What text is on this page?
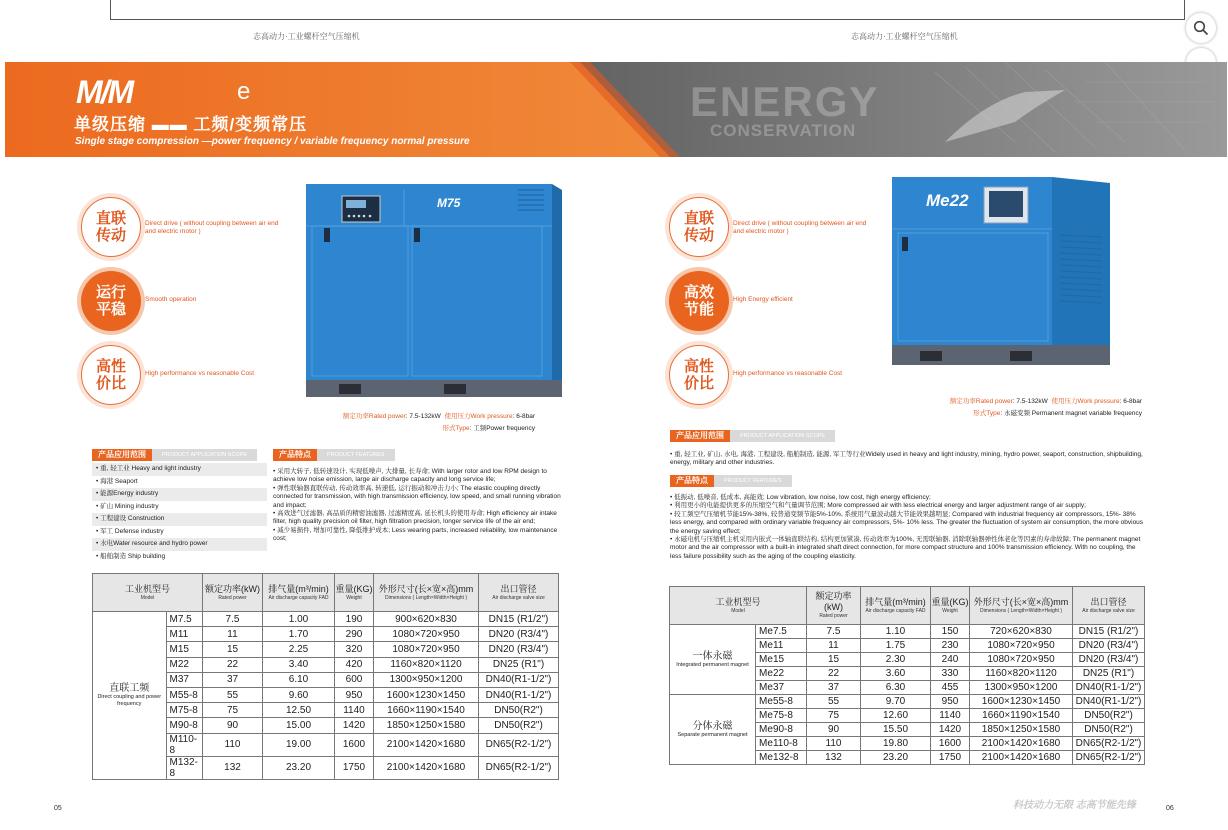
志高动力·工业螺杆空气压缩机	志高动力·工业螺杆空气压缩机
M/M	e
单级压缩 ▬▬ 工频/变频常压
Single stage compression —power frequency / variable frequency normal pressure
ENERGY
CONSERVATION
直联
传动
Direct drive ( without coupling between air end and electric motor )
运行
平稳
Smooth operation
高性
价比
High performance vs reasonable Cost
M75
额定功率Rated power: 7.5-132kW 使用压力Work pressure: 6-8bar
形式Type: 工频Power frequency
产品应用范围	PRODUCT APPLICATION SCOPE
• 重, 轻工业 Heavy and light industry
• 海港 Seaport
• 能源Energy industry
• 矿山 Mining industry
• 工程建设 Construction
• 军工 Defense industry
• 水电Water resource and hydro power
• 船舶制造 Ship building
产品特点	PRODUCT FEATURES
• 采用大转子, 低转速设计, 实现低噪声, 大排量, 长寿命; With larger rotor and low RPM design to achieve low noise emission, large air discharge capacity and long service life;
• 弹性联轴器直联传动, 传动效率高, 转速低, 运行振动和冲击力小; The elastic coupling directly connected for transmission, with high transmission efficiency, low speed, and small running vibration and impact;
• 高效进气过滤器, 高品质的精密油滤器, 过滤精度高, 延长机头的使用寿命; High efficiency air intake filter, high quality precision oil filter, high filtration precision, longer service life of the air end;
• 减少易损件, 增加可靠性, 降低维护成本; Less wearing parts, increased reliability, low maintenance cost;
工业机型号
Model		额定功率(kW)
Rated power	排气量(m³/min)
Air discharge capacity FAD	重量(KG)
Weight	外形尺寸(长×宽×高)mm
Dimensions ( Length×Width×Height )	出口管径
Air discharge valve size

直联工频
Direct coupling and power frequency	M7.5	7.5	1.00	190	900×620×830	DN15 (R1/2")
	M11	11	1.70	290	1080×720×950	DN20 (R3/4")
	M15	15	2.25	320	1080×720×950	DN20 (R3/4")
	M22	22	3.40	420	1160×820×1120	DN25 (R1")
	M37	37	6.10	600	1300×950×1200	DN40(R1-1/2")
	M55-8	55	9.60	950	1600×1230×1450	DN40(R1-1/2")
	M75-8	75	12.50	1140	1660×1190×1540	DN50(R2")
	M90-8	90	15.00	1420	1850×1250×1580	DN50(R2")
	M110-8	110	19.00	1600	2100×1420×1680	DN65(R2-1/2")
	M132-8	132	23.20	1750	2100×1420×1680	DN65(R2-1/2")
05
直联
传动
Direct drive ( without coupling between air end and electric motor )
高效
节能
High Energy efficient
高性
价比
High performance vs reasonable Cost
Me22
额定功率Rated power: 7.5-132kW 使用压力Work pressure: 6-8bar
形式Type: 永磁变频 Permanent magnet variable frequency
产品应用范围	PRODUCT APPLICATION SCOPE
• 重, 轻工业, 矿山, 水电, 海港, 工程建设, 船舶制造, 能源, 军工等行业Widely used in heavy and light industry, mining, hydro power, seaport, construction, shipbuilding, energy, military and other industries.
产品特点	PRODUCT FEATURES
• 低振动, 低噪音, 低成本, 高能效; Low vibration, low noise, low cost, high energy efficiency;
• 利用更小的电能提供更多的压缩空气和气量调节范围; More compressed air with less electrical energy and larger adjustment range of air supply;
• 较工频空气压缩机节能15%-38%, 较普通变频节能5%-10%, 系统用气量波动越大节能效果越明显; Compared with industrial frequency air compressors, 15%- 38% less energy, and compared with ordinary variable frequency air compressors, 5%- 10% less. The greater the fluctuation of system air consumption, the more obvious the energy saving effect;
• 永磁电机与压缩机主机采用内嵌式一体轴直联结构, 结构更加紧凑, 传动效率为100%, 无需联轴器, 消除联轴器弹性体老化等因素的寿命故障; The permanent magnet motor and the air compressor with a built-in integrated shaft direct connection, for more compact structure and 100% transmission efficiency. With no coupling, the less failure possibility such as the aging of the coupling elasticity.
工业机型号
Model		额定功率(kW)
Rated power	排气量(m³/min)
Air discharge capacity FAD	重量(KG)
Weight	外形尺寸(长×宽×高)mm
Dimensions ( Length×Width×Height )	出口管径
Air discharge valve size

一体永磁
Integrated permanent magnet	Me7.5	7.5	1.10	150	720×620×830	DN15 (R1/2")
	Me11	11	1.75	230	1080×720×950	DN20 (R3/4")
	Me15	15	2.30	240	1080×720×950	DN20 (R3/4")
	Me22	22	3.60	330	1160×820×1120	DN25 (R1")
	Me37	37	6.30	455	1300×950×1200	DN40(R1-1/2")
分体永磁
Separate permanent magnet	Me55-8	55	9.70	950	1600×1230×1450	DN40(R1-1/2")
	Me75-8	75	12.60	1140	1660×1190×1540	DN50(R2")
	Me90-8	90	15.50	1420	1850×1250×1580	DN50(R2")
	Me110-8	110	19.80	1600	2100×1420×1680	DN65(R2-1/2")
	Me132-8	132	23.20	1750	2100×1420×1680	DN65(R2-1/2")
06
科技动力无限 志高节能先锋
